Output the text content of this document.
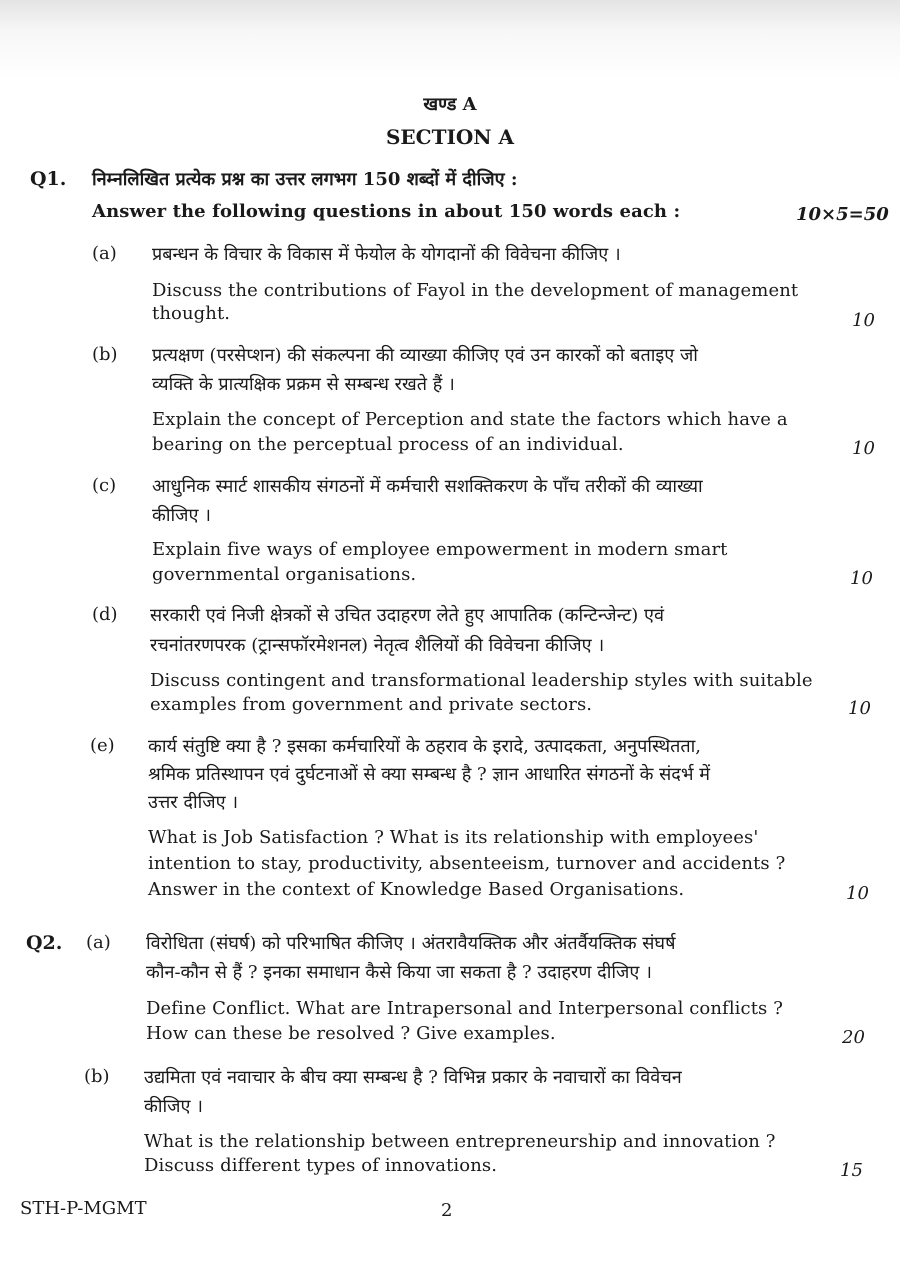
खण्ड A
SECTION A
Q1. निम्नलिखित प्रत्येक प्रश्न का उत्तर लगभग 150 शब्दों में दीजिए :
Answer the following questions in about 150 words each :	10×5=50
(a) प्रबन्धन के विचार के विकास में फेयोल के योगदानों की विवेचना कीजिए ।
Discuss the contributions of Fayol in the development of management
thought.	10
(b) प्रत्यक्षण (परसेप्शन) की संकल्पना की व्याख्या कीजिए एवं उन कारकों को बताइए जो
व्यक्ति के प्रात्यक्षिक प्रक्रम से सम्बन्ध रखते हैं ।
Explain the concept of Perception and state the factors which have a
bearing on the perceptual process of an individual.	10
(c) आधुनिक स्मार्ट शासकीय संगठनों में कर्मचारी सशक्तिकरण के पाँच तरीकों की व्याख्या
कीजिए ।
Explain five ways of employee empowerment in modern smart
governmental organisations.	10
(d) सरकारी एवं निजी क्षेत्रकों से उचित उदाहरण लेते हुए आपातिक (कन्टिन्जेन्ट) एवं
रचनांतरणपरक (ट्रान्सफॉरमेशनल) नेतृत्व शैलियों की विवेचना कीजिए ।
Discuss contingent and transformational leadership styles with suitable
examples from government and private sectors.	10
(e) कार्य संतुष्टि क्या है ? इसका कर्मचारियों के ठहराव के इरादे, उत्पादकता, अनुपस्थितता,
श्रमिक प्रतिस्थापन एवं दुर्घटनाओं से क्या सम्बन्ध है ? ज्ञान आधारित संगठनों के संदर्भ में
उत्तर दीजिए ।
What is Job Satisfaction ? What is its relationship with employees'
intention to stay, productivity, absenteeism, turnover and accidents ?
Answer in the context of Knowledge Based Organisations.	10
Q2. (a) विरोधिता (संघर्ष) को परिभाषित कीजिए । अंतरावैयक्तिक और अंतर्वैयक्तिक संघर्ष
कौन-कौन से हैं ? इनका समाधान कैसे किया जा सकता है ? उदाहरण दीजिए ।
Define Conflict. What are Intrapersonal and Interpersonal conflicts ?
How can these be resolved ? Give examples.	20
(b) उद्यमिता एवं नवाचार के बीच क्या सम्बन्ध है ? विभिन्न प्रकार के नवाचारों का विवेचन
कीजिए ।
What is the relationship between entrepreneurship and innovation ?
Discuss different types of innovations.	15
STH-P-MGMT	2
